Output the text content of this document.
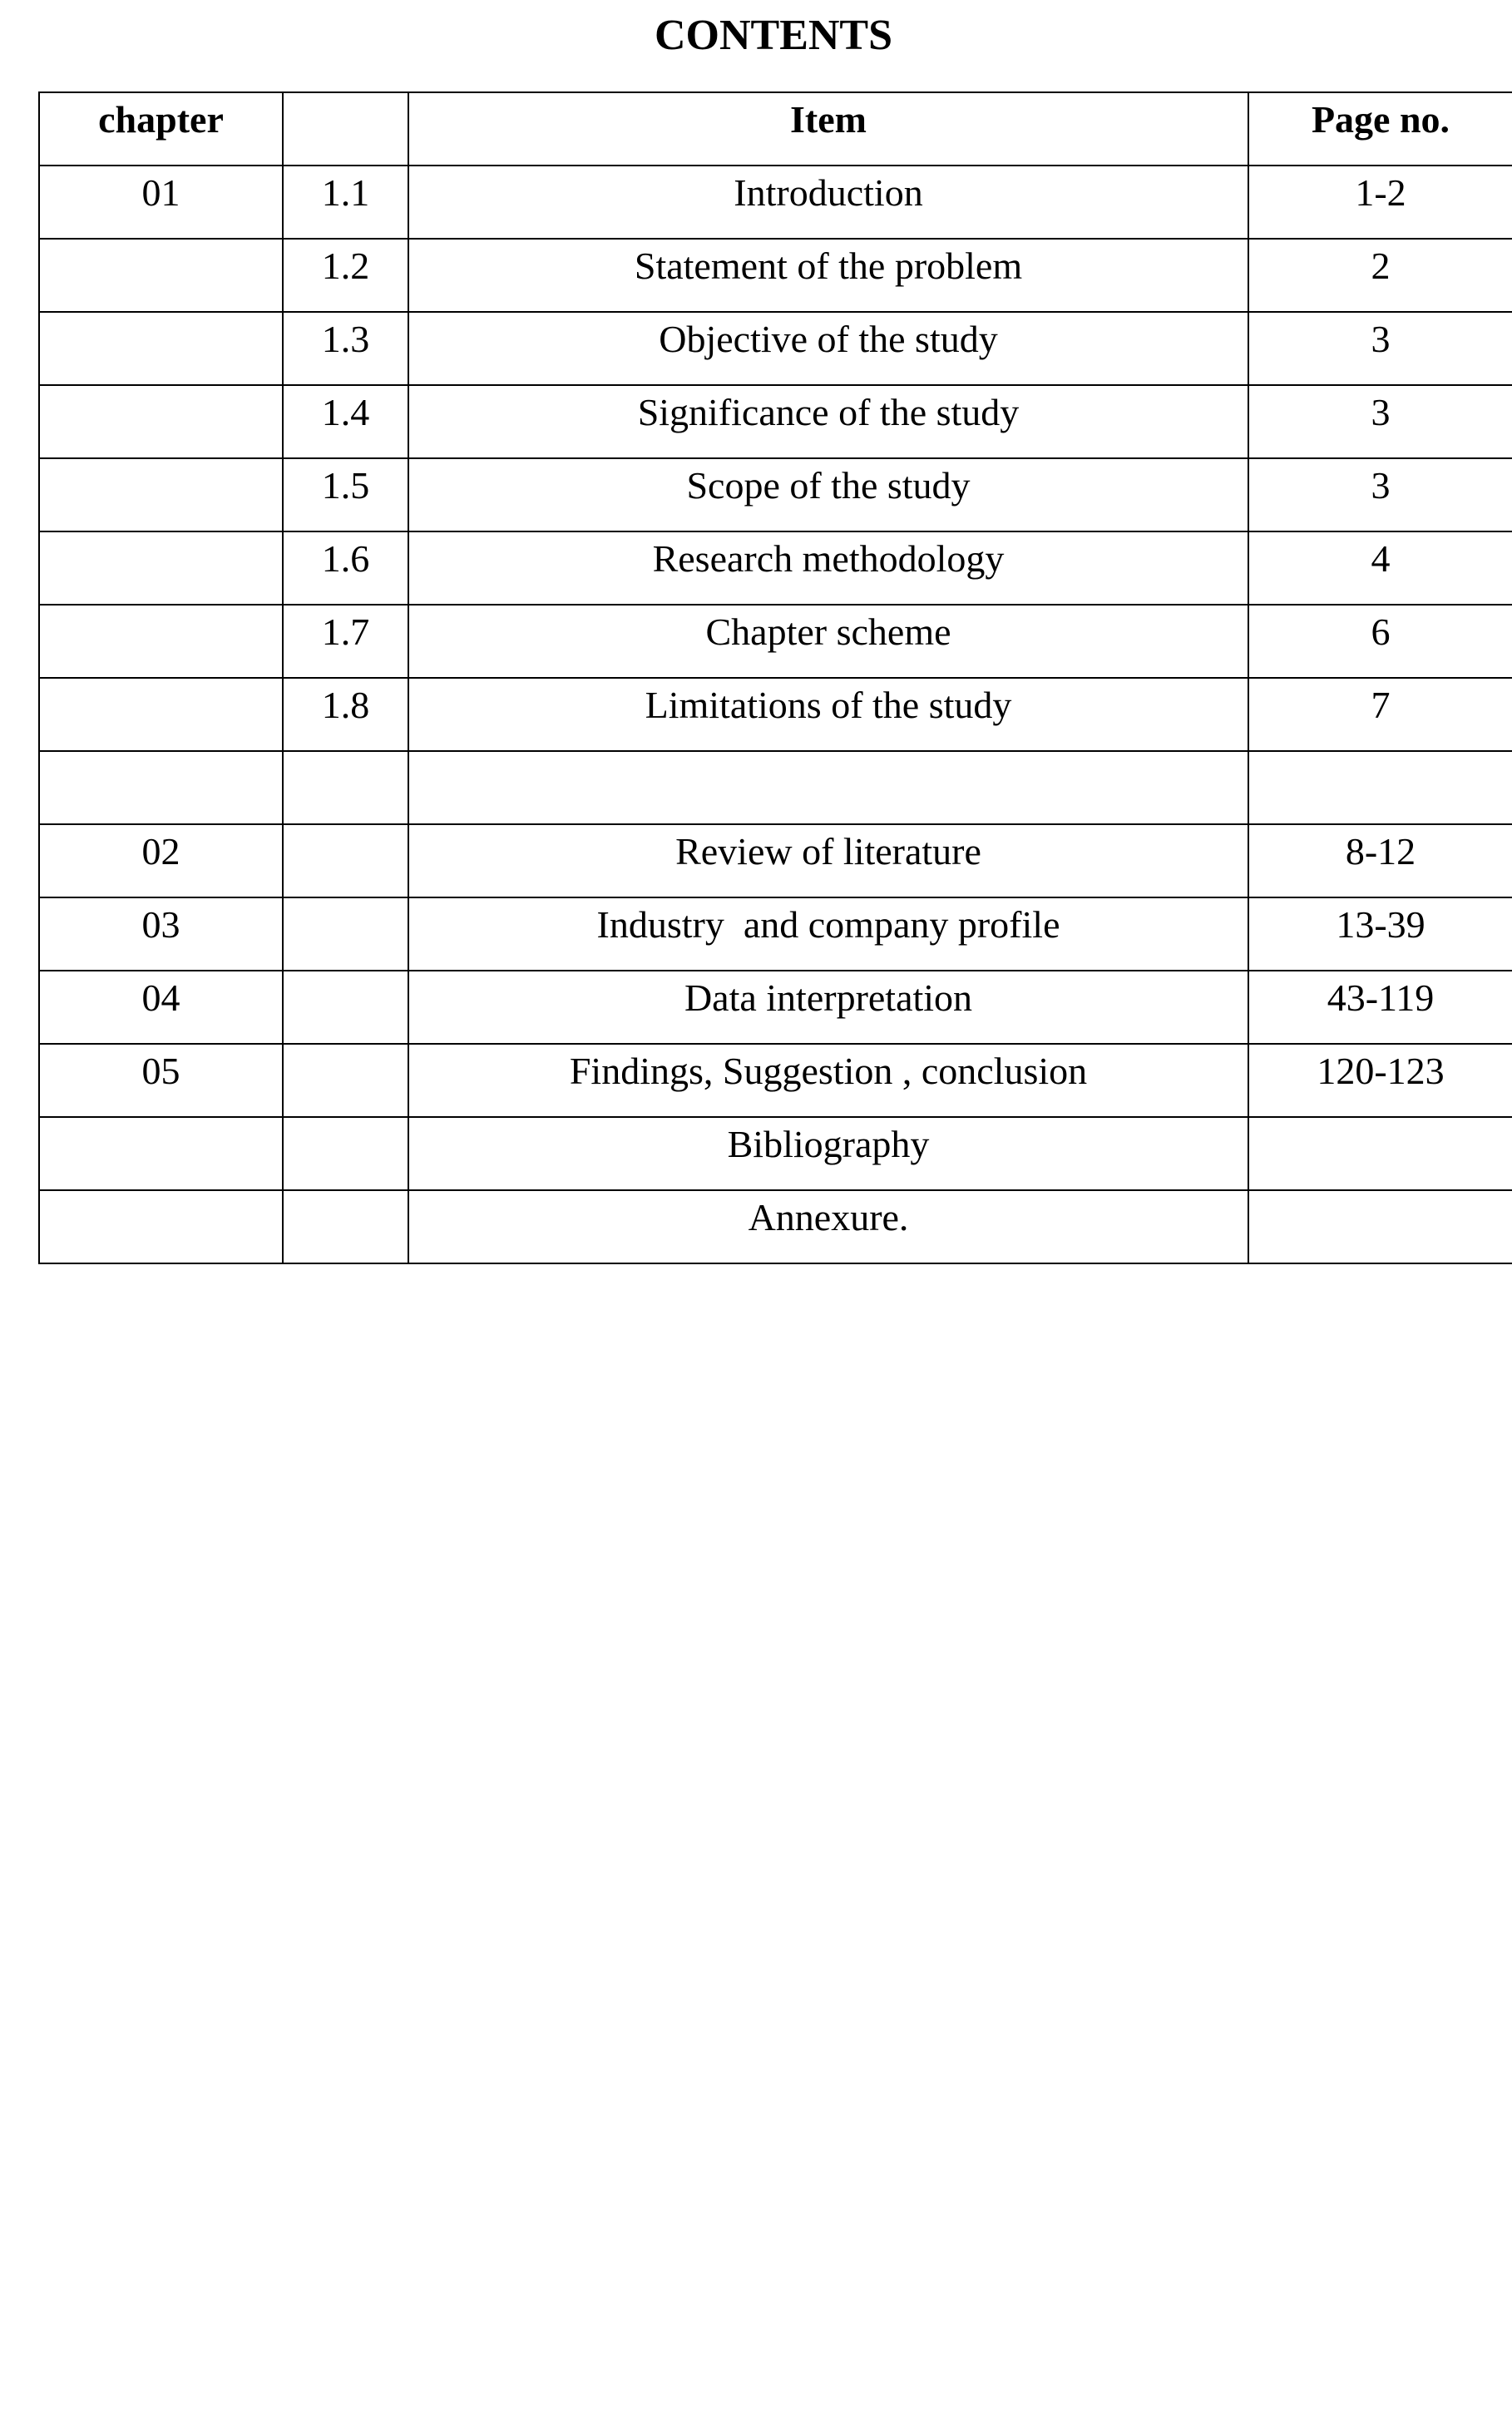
CONTENTS
chapter		Item	Page no.
01	1.1	Introduction	1-2
	1.2	Statement of the problem	2
	1.3	Objective of the study	3
	1.4	Significance of the study	3
	1.5	Scope of the study	3
	1.6	Research methodology	4
	1.7	Chapter scheme	6
	1.8	Limitations of the study	7

02		Review of literature	8-12
03		Industry  and company profile	13-39
04		Data interpretation	43-119
05		Findings, Suggestion , conclusion	120-123
		Bibliography	
		Annexure.	
